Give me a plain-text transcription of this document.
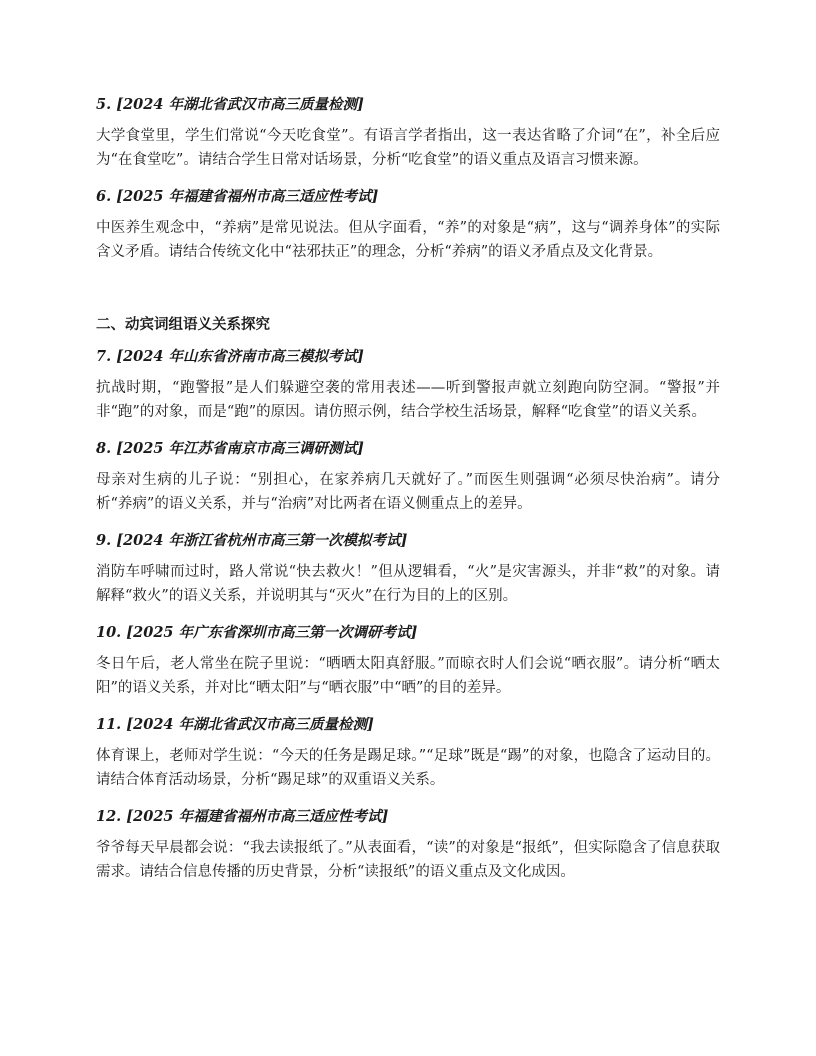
5. [2024 年湖北省武汉市高三质量检测]

大学食堂里，学生们常说“今天吃食堂”。有语言学者指出，这一表达省略了介词“在”，补全后应为“在食堂吃”。请结合学生日常对话场景，分析“吃食堂”的语义重点及语言习惯来源。

6. [2025 年福建省福州市高三适应性考试]

中医养生观念中，“养病”是常见说法。但从字面看，“养”的对象是“病”，这与“调养身体”的实际含义矛盾。请结合传统文化中“祛邪扶正”的理念，分析“养病”的语义矛盾点及文化背景。

二、动宾词组语义关系探究

7. [2024 年山东省济南市高三模拟考试]

抗战时期，“跑警报”是人们躲避空袭的常用表述——听到警报声就立刻跑向防空洞。“警报”并非“跑”的对象，而是“跑”的原因。请仿照示例，结合学校生活场景，解释“吃食堂”的语义关系。

8. [2025 年江苏省南京市高三调研测试]

母亲对生病的儿子说：“别担心，在家养病几天就好了。”而医生则强调“必须尽快治病”。请分析“养病”的语义关系，并与“治病”对比两者在语义侧重点上的差异。

9. [2024 年浙江省杭州市高三第一次模拟考试]

消防车呼啸而过时，路人常说“快去救火！”但从逻辑看，“火”是灾害源头，并非“救”的对象。请解释“救火”的语义关系，并说明其与“灭火”在行为目的上的区别。

10. [2025 年广东省深圳市高三第一次调研考试]

冬日午后，老人常坐在院子里说：“晒晒太阳真舒服。”而晾衣时人们会说“晒衣服”。请分析“晒太阳”的语义关系，并对比“晒太阳”与“晒衣服”中“晒”的目的差异。

11. [2024 年湖北省武汉市高三质量检测]

体育课上，老师对学生说：“今天的任务是踢足球。”“足球”既是“踢”的对象，也隐含了运动目的。请结合体育活动场景，分析“踢足球”的双重语义关系。

12. [2025 年福建省福州市高三适应性考试]

爷爷每天早晨都会说：“我去读报纸了。”从表面看，“读”的对象是“报纸”，但实际隐含了信息获取需求。请结合信息传播的历史背景，分析“读报纸”的语义重点及文化成因。
